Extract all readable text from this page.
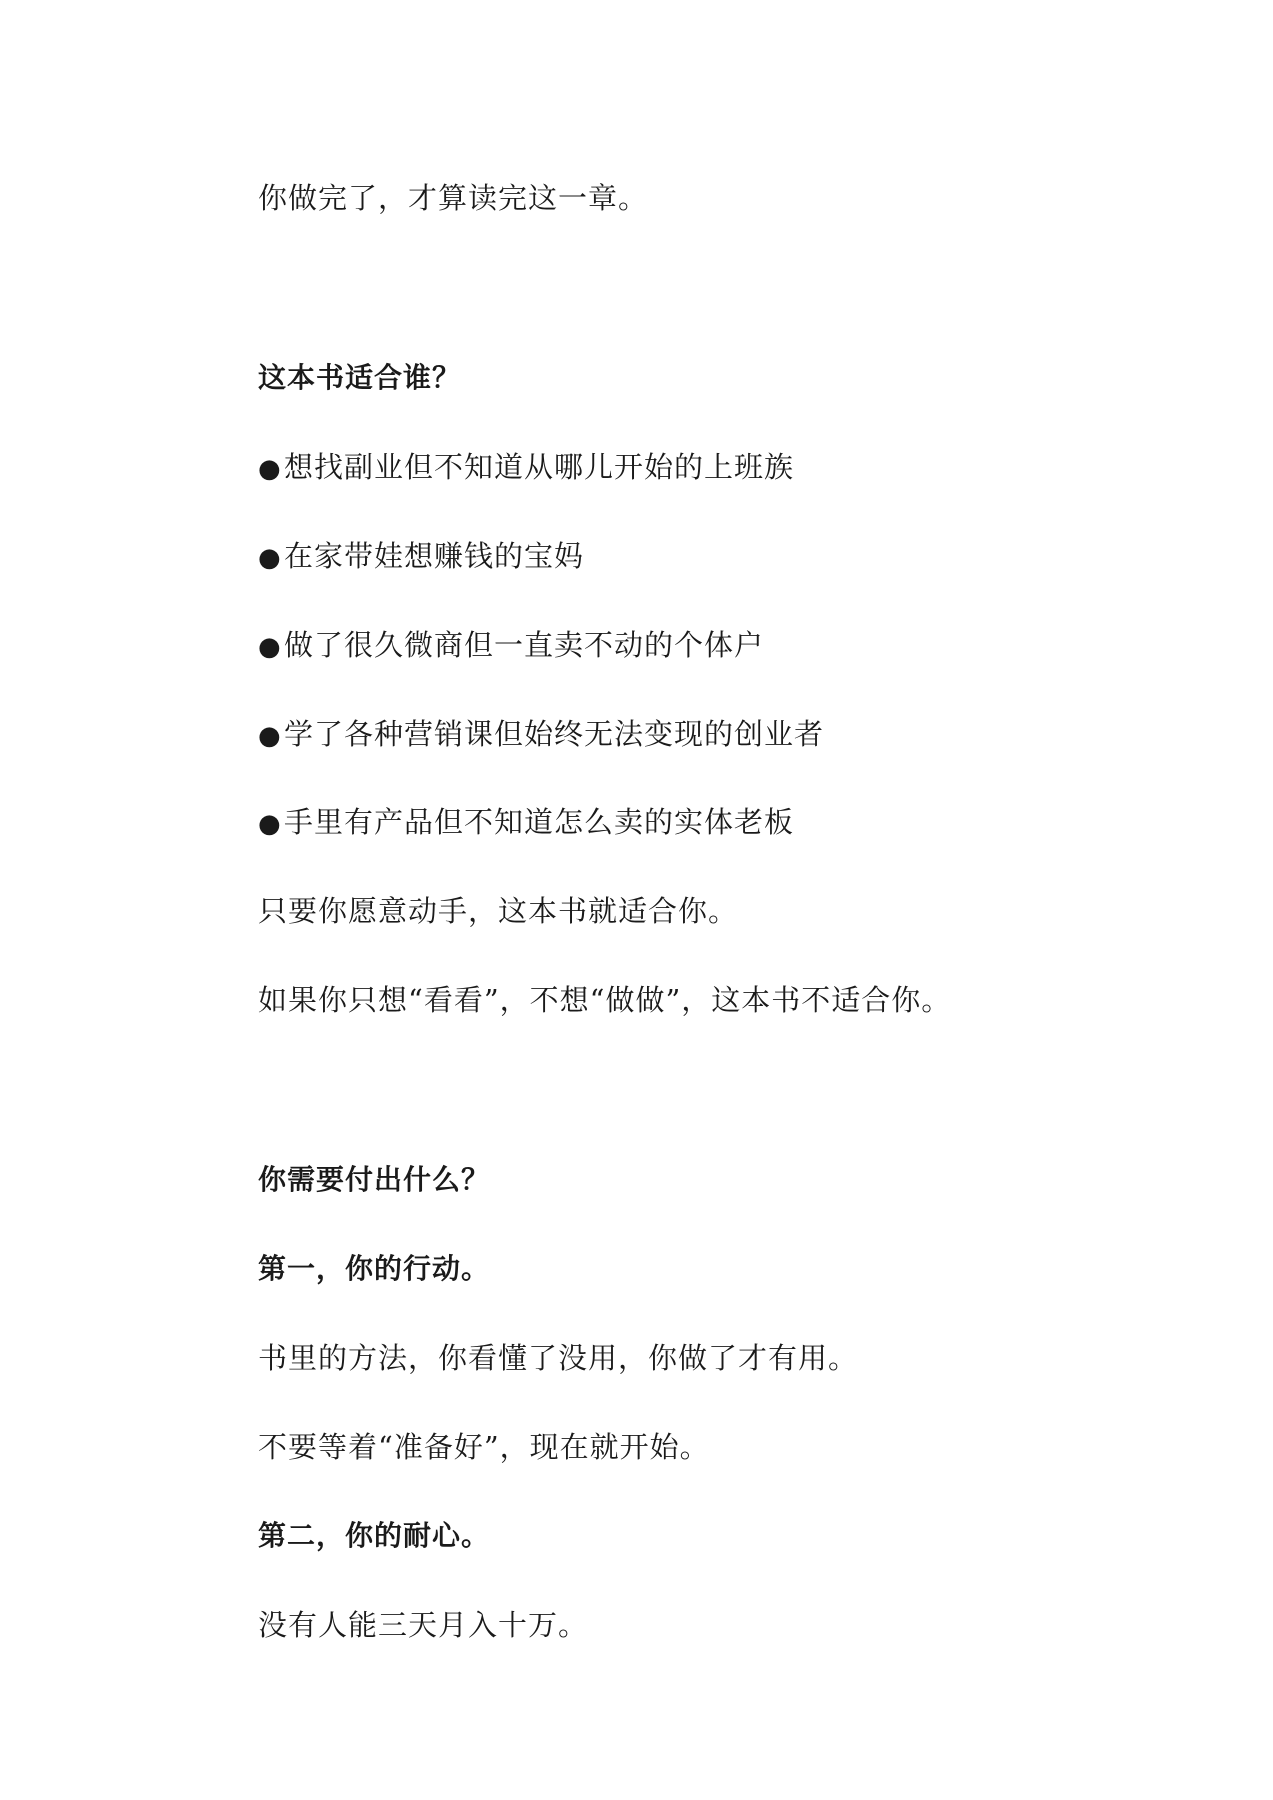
你做完了，才算读完这一章。
这本书适合谁？
●想找副业但不知道从哪儿开始的上班族
●在家带娃想赚钱的宝妈
●做了很久微商但一直卖不动的个体户
●学了各种营销课但始终无法变现的创业者
●手里有产品但不知道怎么卖的实体老板
只要你愿意动手，这本书就适合你。
如果你只想“看看”，不想“做做”，这本书不适合你。
你需要付出什么？
第一，你的行动。
书里的方法，你看懂了没用，你做了才有用。
不要等着“准备好”，现在就开始。
第二，你的耐心。
没有人能三天月入十万。
